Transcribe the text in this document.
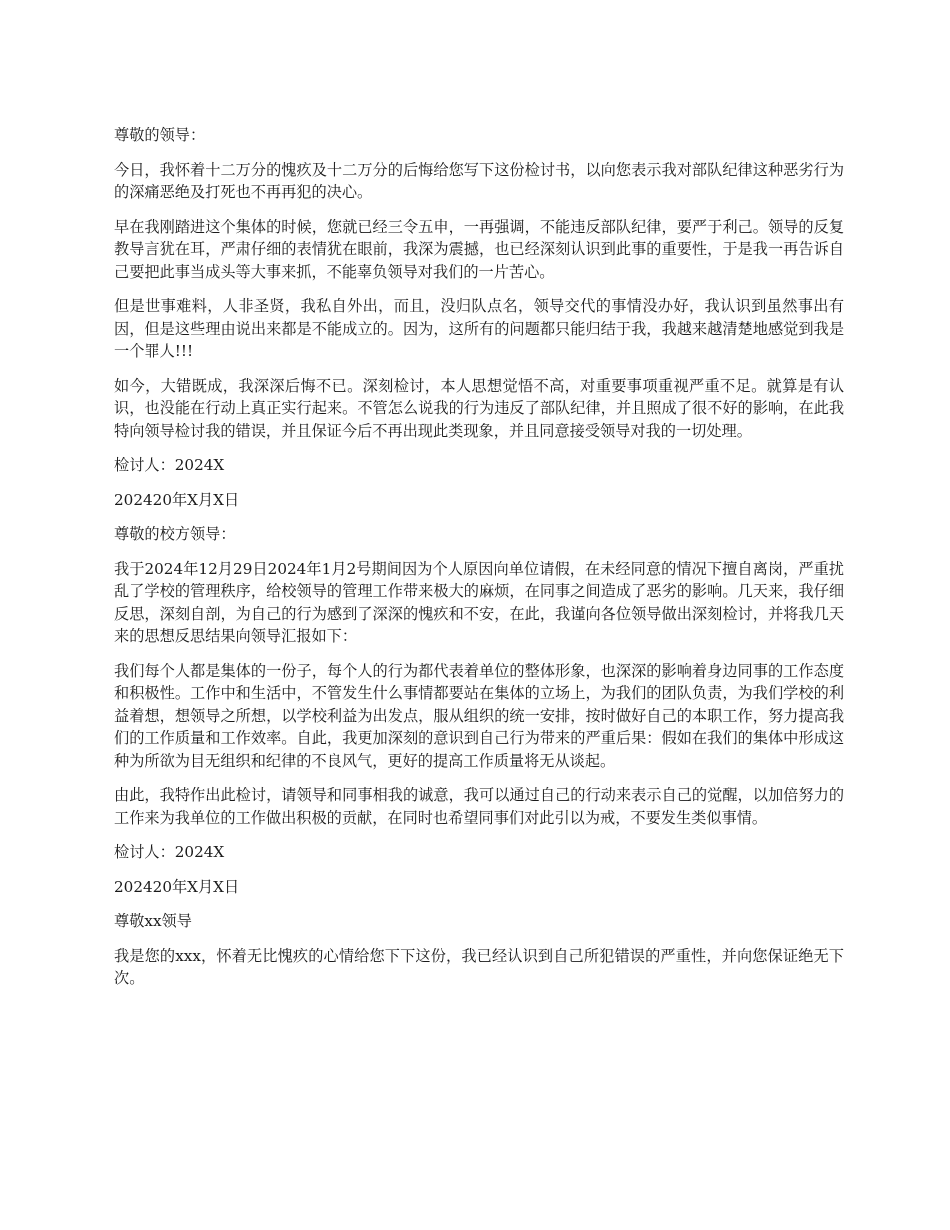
尊敬的领导：

今日，我怀着十二万分的愧疚及十二万分的后悔给您写下这份检讨书，以向您表示我对部队纪律这种恶劣行为的深痛恶绝及打死也不再再犯的决心。

早在我刚踏进这个集体的时候，您就已经三令五申，一再强调，不能违反部队纪律，要严于利己。领导的反复教导言犹在耳，严肃仔细的表情犹在眼前，我深为震撼，也已经深刻认识到此事的重要性，于是我一再告诉自己要把此事当成头等大事来抓，不能辜负领导对我们的一片苦心。

但是世事难料，人非圣贤，我私自外出，而且，没归队点名，领导交代的事情没办好，我认识到虽然事出有因，但是这些理由说出来都是不能成立的。因为，这所有的问题都只能归结于我，我越来越清楚地感觉到我是一个罪人!!!

如今，大错既成，我深深后悔不已。深刻检讨，本人思想觉悟不高，对重要事项重视严重不足。就算是有认识，也没能在行动上真正实行起来。不管怎么说我的行为违反了部队纪律，并且照成了很不好的影响，在此我特向领导检讨我的错误，并且保证今后不再出现此类现象，并且同意接受领导对我的一切处理。

检讨人：2024X

202420年X月X日

尊敬的校方领导：

我于2024年12月29日2024年1月2号期间因为个人原因向单位请假，在未经同意的情况下擅自离岗，严重扰乱了学校的管理秩序，给校领导的管理工作带来极大的麻烦，在同事之间造成了恶劣的影响。几天来，我仔细反思，深刻自剖，为自己的行为感到了深深的愧疚和不安，在此，我谨向各位领导做出深刻检讨，并将我几天来的思想反思结果向领导汇报如下：

我们每个人都是集体的一份子，每个人的行为都代表着单位的整体形象，也深深的影响着身边同事的工作态度和积极性。工作中和生活中，不管发生什么事情都要站在集体的立场上，为我们的团队负责，为我们学校的利益着想，想领导之所想，以学校利益为出发点，服从组织的统一安排，按时做好自己的本职工作，努力提高我们的工作质量和工作效率。自此，我更加深刻的意识到自己行为带来的严重后果：假如在我们的集体中形成这种为所欲为目无组织和纪律的不良风气，更好的提高工作质量将无从谈起。

由此，我特作出此检讨，请领导和同事相我的诚意，我可以通过自己的行动来表示自己的觉醒，以加倍努力的工作来为我单位的工作做出积极的贡献，在同时也希望同事们对此引以为戒，不要发生类似事情。

检讨人：2024X

202420年X月X日

尊敬xx领导

我是您的xxx，怀着无比愧疚的心情给您下下这份，我已经认识到自己所犯错误的严重性，并向您保证绝无下次。
